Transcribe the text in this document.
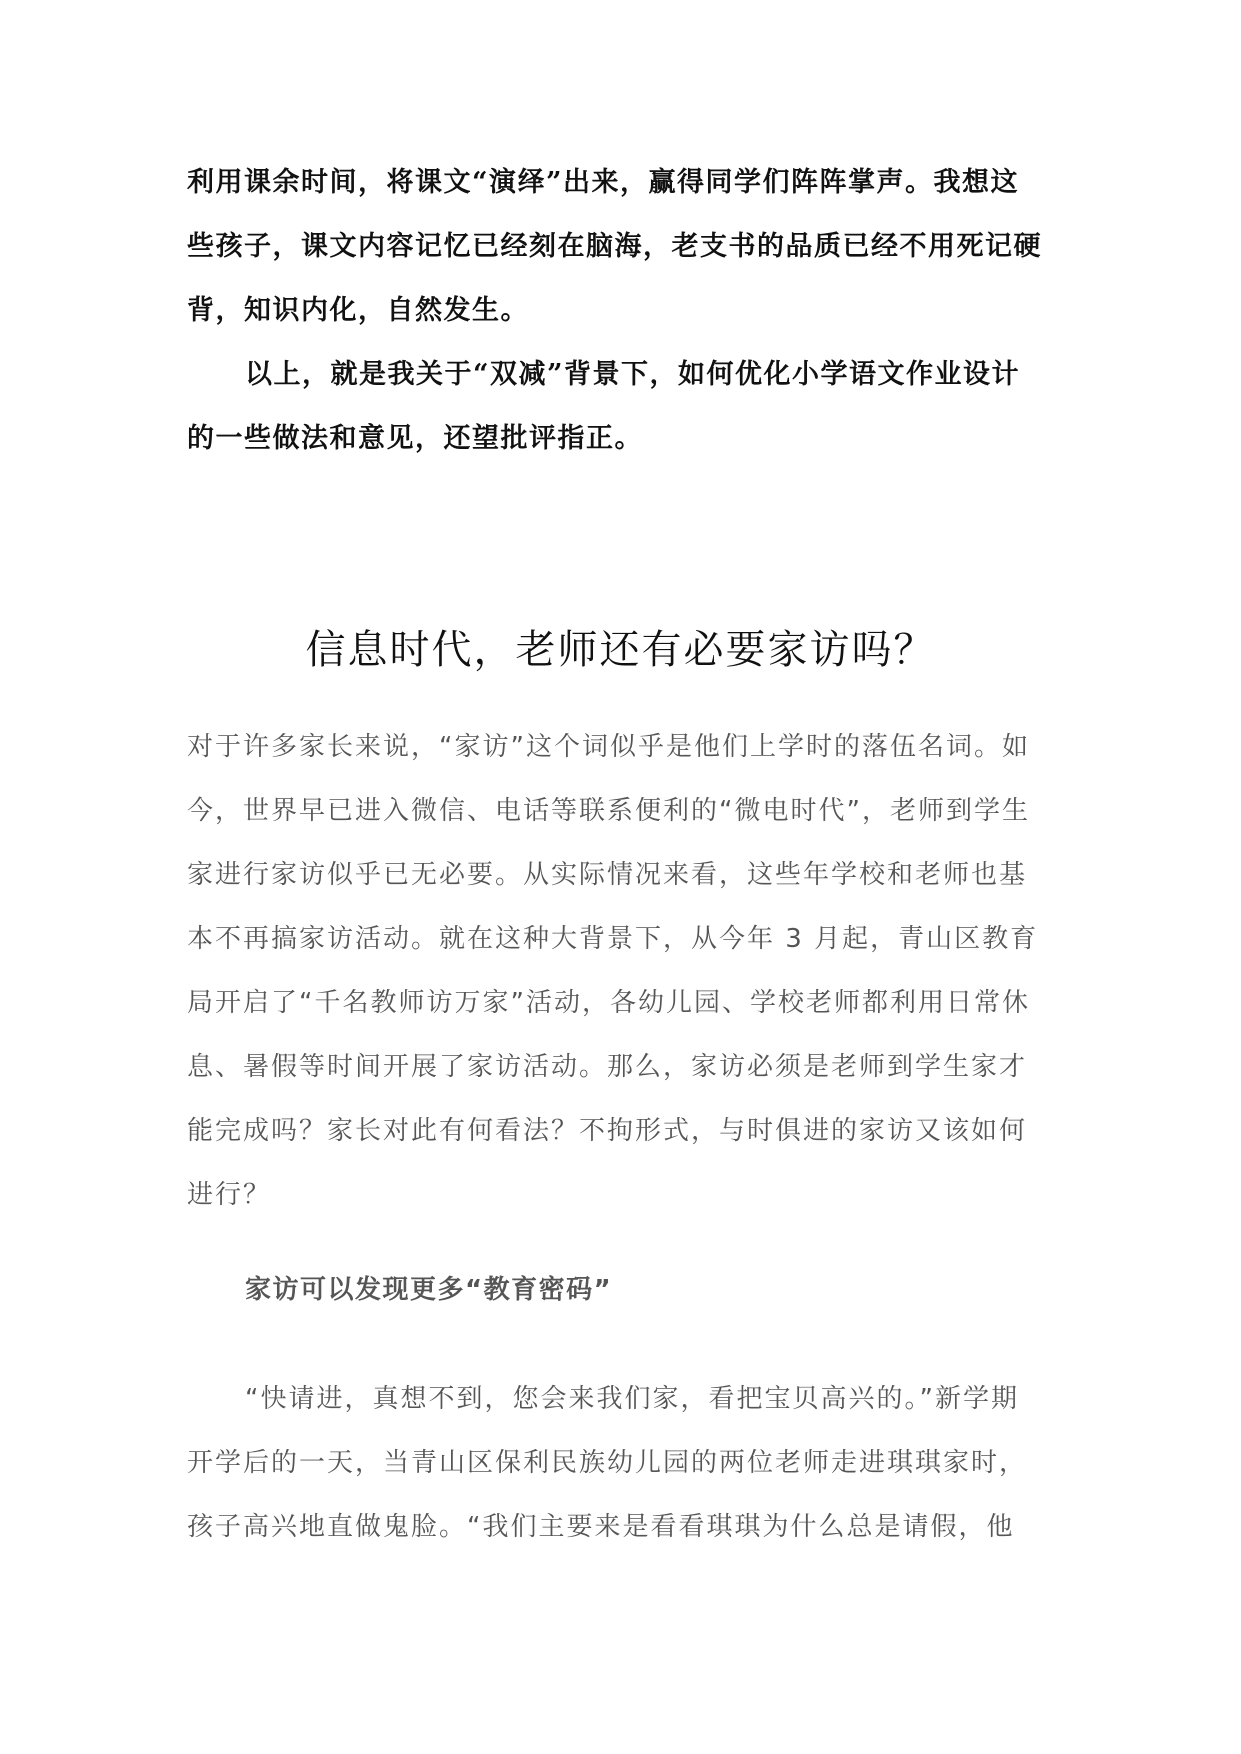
利用课余时间，将课文“演绎”出来，赢得同学们阵阵掌声。我想这
些孩子，课文内容记忆已经刻在脑海，老支书的品质已经不用死记硬
背，知识内化，自然发生。
以上，就是我关于“双减”背景下，如何优化小学语文作业设计
的一些做法和意见，还望批评指正。
信息时代，老师还有必要家访吗？
对于许多家长来说，“家访”这个词似乎是他们上学时的落伍名词。如
今，世界早已进入微信、电话等联系便利的“微电时代”，老师到学生
家进行家访似乎已无必要。从实际情况来看，这些年学校和老师也基
本不再搞家访活动。就在这种大背景下，从今年 3 月起，青山区教育
局开启了“千名教师访万家”活动，各幼儿园、学校老师都利用日常休
息、暑假等时间开展了家访活动。那么，家访必须是老师到学生家才
能完成吗？家长对此有何看法？不拘形式，与时俱进的家访又该如何
进行？
家访可以发现更多“教育密码”
“快请进，真想不到，您会来我们家，看把宝贝高兴的。”新学期
开学后的一天，当青山区保利民族幼儿园的两位老师走进琪琪家时，
孩子高兴地直做鬼脸。“我们主要来是看看琪琪为什么总是请假，他
